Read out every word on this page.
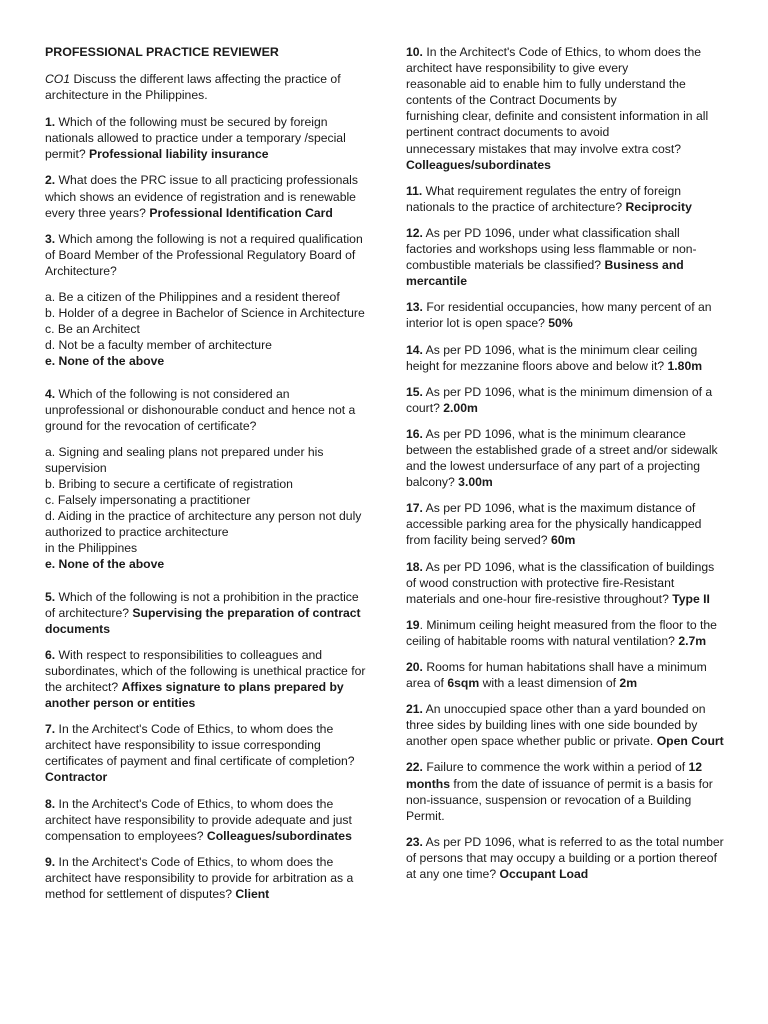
PROFESSIONAL PRACTICE REVIEWER
CO1 Discuss the different laws affecting the practice of architecture in the Philippines.
1. Which of the following must be secured by foreign nationals allowed to practice under a temporary /special permit? Professional liability insurance
2. What does the PRC issue to all practicing professionals which shows an evidence of registration and is renewable every three years? Professional Identification Card
3. Which among the following is not a required qualification of Board Member of the Professional Regulatory Board of Architecture?
a. Be a citizen of the Philippines and a resident thereof
b. Holder of a degree in Bachelor of Science in Architecture
c. Be an Architect
d. Not be a faculty member of architecture
e. None of the above
4. Which of the following is not considered an unprofessional or dishonourable conduct and hence not a ground for the revocation of certificate?
a. Signing and sealing plans not prepared under his supervision
b. Bribing to secure a certificate of registration
c. Falsely impersonating a practitioner
d. Aiding in the practice of architecture any person not duly authorized to practice architecture
in the Philippines
e. None of the above
5. Which of the following is not a prohibition in the practice of architecture? Supervising the preparation of contract documents
6. With respect to responsibilities to colleagues and subordinates, which of the following is unethical practice for the architect? Affixes signature to plans prepared by another person or entities
7. In the Architect's Code of Ethics, to whom does the architect have responsibility to issue corresponding certificates of payment and final certificate of completion? Contractor
8. In the Architect's Code of Ethics, to whom does the architect have responsibility to provide adequate and just compensation to employees? Colleagues/subordinates
9. In the Architect's Code of Ethics, to whom does the architect have responsibility to provide for arbitration as a method for settlement of disputes? Client
10. In the Architect's Code of Ethics, to whom does the architect have responsibility to give every
reasonable aid to enable him to fully understand the contents of the Contract Documents by
furnishing clear, definite and consistent information in all pertinent contract documents to avoid
unnecessary mistakes that may involve extra cost?
Colleagues/subordinates
11. What requirement regulates the entry of foreign nationals to the practice of architecture? Reciprocity
12. As per PD 1096, under what classification shall factories and workshops using less flammable or non-combustible materials be classified? Business and mercantile
13. For residential occupancies, how many percent of an interior lot is open space? 50%
14. As per PD 1096, what is the minimum clear ceiling height for mezzanine floors above and below it? 1.80m
15. As per PD 1096, what is the minimum dimension of a court? 2.00m
16. As per PD 1096, what is the minimum clearance between the established grade of a street and/or sidewalk and the lowest undersurface of any part of a projecting balcony? 3.00m
17. As per PD 1096, what is the maximum distance of accessible parking area for the physically handicapped from facility being served? 60m
18. As per PD 1096, what is the classification of buildings of wood construction with protective fire-Resistant materials and one-hour fire-resistive throughout? Type II
19. Minimum ceiling height measured from the floor to the ceiling of habitable rooms with natural ventilation? 2.7m
20. Rooms for human habitations shall have a minimum area of 6sqm with a least dimension of 2m
21. An unoccupied space other than a yard bounded on three sides by building lines with one side bounded by another open space whether public or private. Open Court
22. Failure to commence the work within a period of 12 months from the date of issuance of permit is a basis for non-issuance, suspension or revocation of a Building Permit.
23. As per PD 1096, what is referred to as the total number of persons that may occupy a building or a portion thereof at any one time? Occupant Load
